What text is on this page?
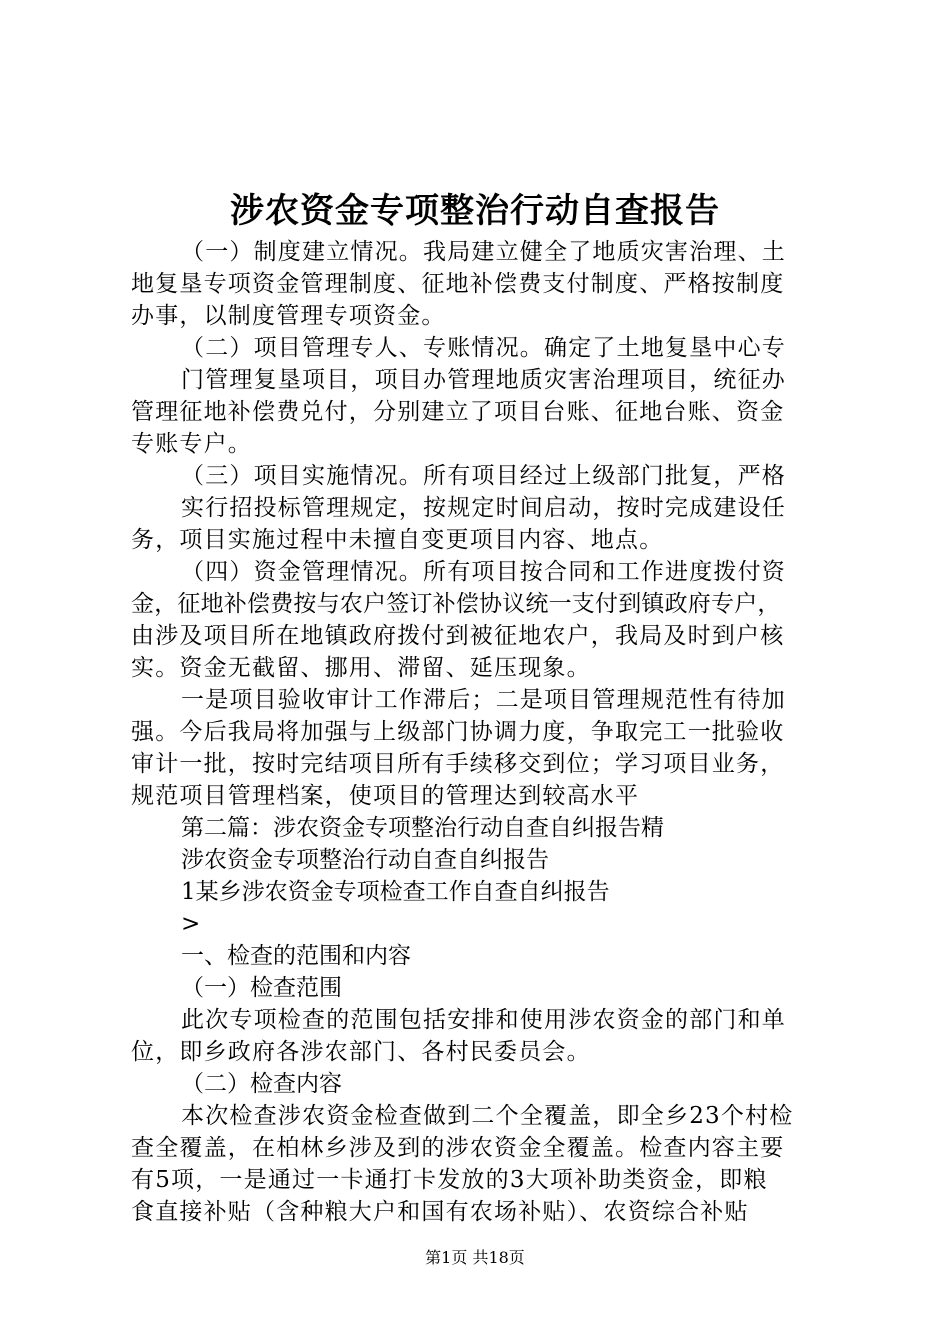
涉农资金专项整治行动自查报告
（一）制度建立情况。我局建立健全了地质灾害治理、土
地复垦专项资金管理制度、征地补偿费支付制度、严格按制度
办事，以制度管理专项资金。
（二）项目管理专人、专账情况。确定了土地复垦中心专
门管理复垦项目，项目办管理地质灾害治理项目，统征办
管理征地补偿费兑付，分别建立了项目台账、征地台账、资金
专账专户。
（三）项目实施情况。所有项目经过上级部门批复，严格
实行招投标管理规定，按规定时间启动，按时完成建设任
务，项目实施过程中未擅自变更项目内容、地点。
（四）资金管理情况。所有项目按合同和工作进度拨付资
金，征地补偿费按与农户签订补偿协议统一支付到镇政府专户，
由涉及项目所在地镇政府拨付到被征地农户，我局及时到户核
实。资金无截留、挪用、滞留、延压现象。
一是项目验收审计工作滞后；二是项目管理规范性有待加
强。今后我局将加强与上级部门协调力度，争取完工一批验收
审计一批，按时完结项目所有手续移交到位；学习项目业务，
规范项目管理档案，使项目的管理达到较高水平
第二篇：涉农资金专项整治行动自查自纠报告精
涉农资金专项整治行动自查自纠报告
1某乡涉农资金专项检查工作自查自纠报告
>
一、检查的范围和内容
（一）检查范围
此次专项检查的范围包括安排和使用涉农资金的部门和单
位，即乡政府各涉农部门、各村民委员会。
（二）检查内容
本次检查涉农资金检查做到二个全覆盖，即全乡23个村检
查全覆盖，在柏林乡涉及到的涉农资金全覆盖。检查内容主要
有5项，一是通过一卡通打卡发放的3大项补助类资金，即粮
食直接补贴（含种粮大户和国有农场补贴）、农资综合补贴
第1页 共18页
